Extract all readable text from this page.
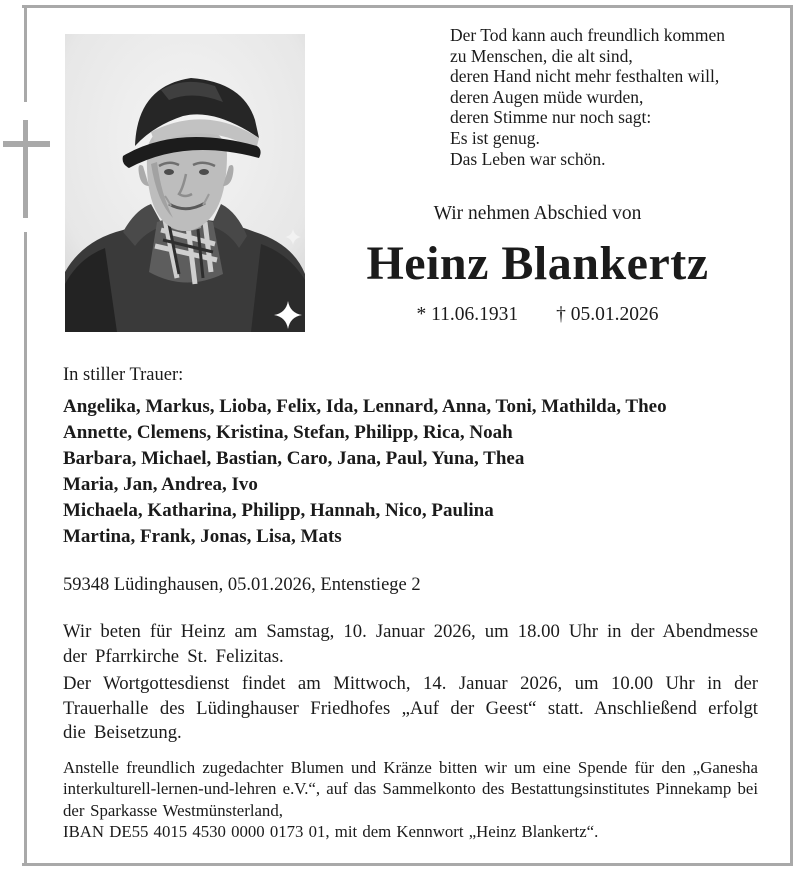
Der Tod kann auch freundlich kommen
zu Menschen, die alt sind,
deren Hand nicht mehr festhalten will,
deren Augen müde wurden,
deren Stimme nur noch sagt:
Es ist genug.
Das Leben war schön.
Wir nehmen Abschied von
Heinz Blankertz
* 11.06.1931 † 05.01.2026
In stiller Trauer:
Angelika, Markus, Lioba, Felix, Ida, Lennard, Anna, Toni, Mathilda, Theo
Annette, Clemens, Kristina, Stefan, Philipp, Rica, Noah
Barbara, Michael, Bastian, Caro, Jana, Paul, Yuna, Thea
Maria, Jan, Andrea, Ivo
Michaela, Katharina, Philipp, Hannah, Nico, Paulina
Martina, Frank, Jonas, Lisa, Mats
59348 Lüdinghausen, 05.01.2026, Entenstiege 2
Wir beten für Heinz am Samstag, 10. Januar 2026, um 18.00 Uhr in der Abendmesse der Pfarrkirche St. Felizitas.
Der Wortgottesdienst findet am Mittwoch, 14. Januar 2026, um 10.00 Uhr in der Trauerhalle des Lüdinghauser Friedhofes „Auf der Geest“ statt. Anschließend erfolgt die Beisetzung.
Anstelle freundlich zugedachter Blumen und Kränze bitten wir um eine Spende für den „Ganesha interkulturell-lernen-und-lehren e.V.“, auf das Sammelkonto des Bestattungsinstitutes Pinnekamp bei der Sparkasse Westmünsterland,
IBAN DE55 4015 4530 0000 0173 01, mit dem Kennwort „Heinz Blankertz“.
